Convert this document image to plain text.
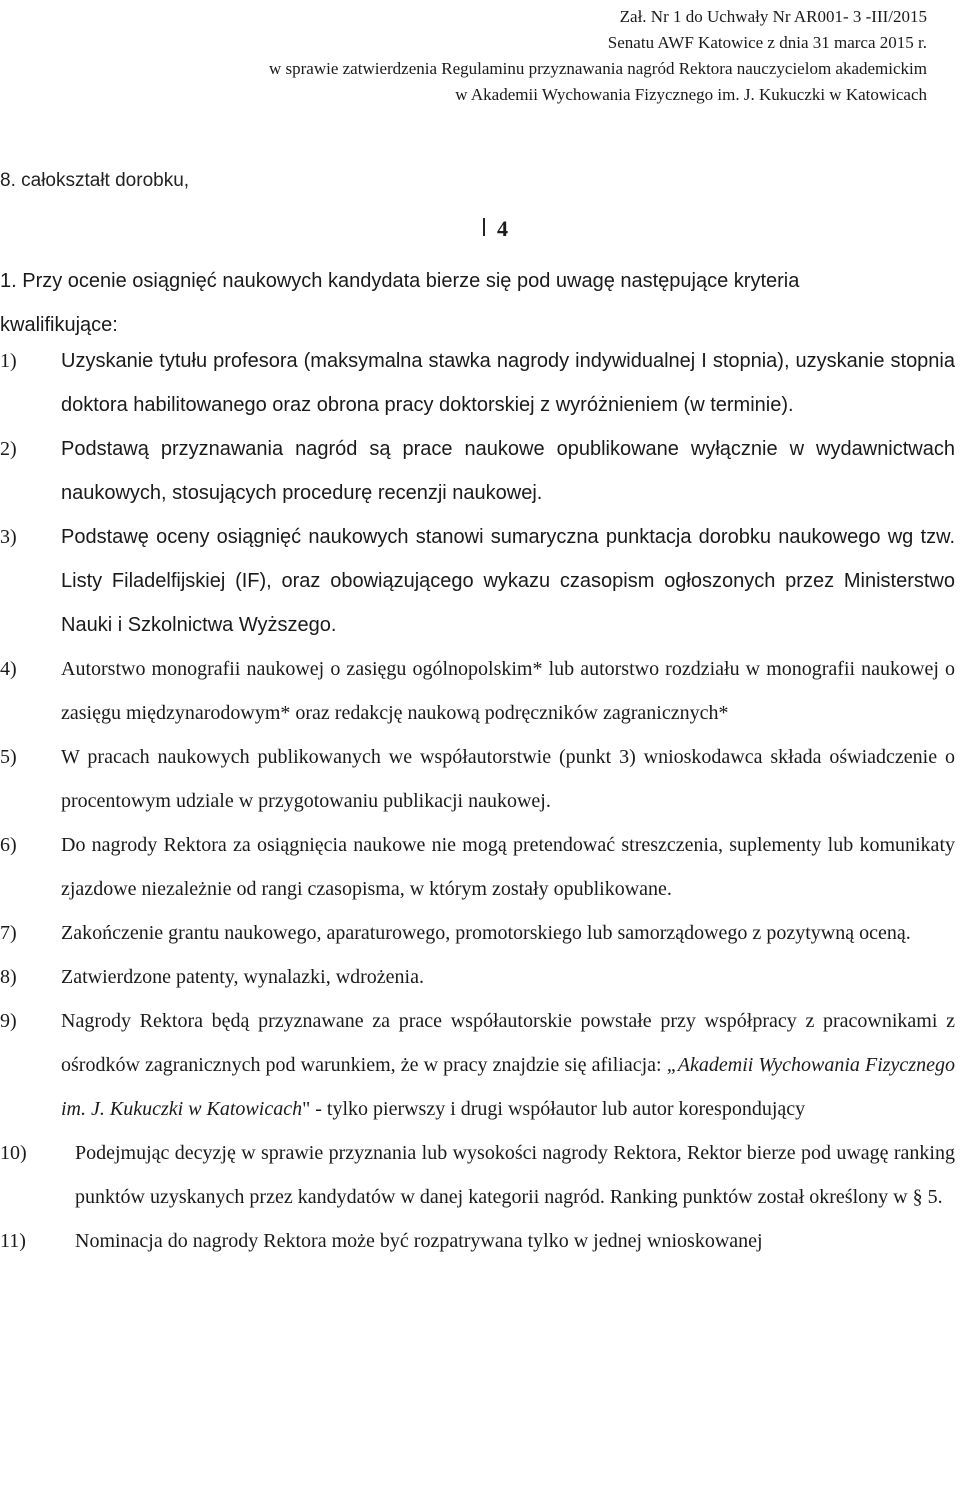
Zał. Nr 1 do Uchwały Nr AR001- 3 -III/2015
Senatu AWF Katowice z dnia 31 marca 2015 r.
w sprawie zatwierdzenia Regulaminu przyznawania nagród Rektora nauczycielom akademickim
w Akademii Wychowania Fizycznego im. J. Kukuczki w Katowicach
8. całokształt dorobku,
4

1. Przy ocenie osiągnięć naukowych kandydata bierze się pod uwagę następujące kryteria

kwalifikujące:

1)	Uzyskanie tytułu profesora (maksymalna stawka nagrody indywidualnej I stopnia), uzyskanie stopnia doktora habilitowanego oraz obrona pracy doktorskiej z wyróżnieniem (w terminie).
2)	Podstawą przyznawania nagród są prace naukowe opublikowane wyłącznie w wydawnictwach naukowych, stosujących procedurę recenzji naukowej.
3)	Podstawę oceny osiągnięć naukowych stanowi sumaryczna punktacja dorobku naukowego wg tzw. Listy Filadelfijskiej (IF), oraz obowiązującego wykazu czasopism ogłoszonych przez Ministerstwo Nauki i Szkolnictwa Wyższego.
4)	Autorstwo monografii naukowej o zasięgu ogólnopolskim* lub autorstwo rozdziału w monografii naukowej o zasięgu międzynarodowym* oraz redakcję naukową podręczników zagranicznych*
5)	W pracach naukowych publikowanych we współautorstwie (punkt 3) wnioskodawca składa oświadczenie o procentowym udziale w przygotowaniu publikacji naukowej.
6)	Do nagrody Rektora za osiągnięcia naukowe nie mogą pretendować streszczenia, suplementy lub komunikaty zjazdowe niezależnie od rangi czasopisma, w którym zostały opublikowane.
7)	Zakończenie grantu naukowego, aparaturowego, promotorskiego lub samorządowego z pozytywną oceną.
8)	Zatwierdzone patenty, wynalazki, wdrożenia.
9)	Nagrody Rektora będą przyznawane za prace współautorskie powstałe przy współpracy z pracownikami z ośrodków zagranicznych pod warunkiem, że w pracy znajdzie się afiliacja: „Akademii Wychowania Fizycznego im. J. Kukuczki w Katowicach" - tylko pierwszy i drugi współautor lub autor korespondujący
10)	Podejmując decyzję w sprawie przyznania lub wysokości nagrody Rektora, Rektor bierze pod uwagę ranking punktów uzyskanych przez kandydatów w danej kategorii nagród. Ranking punktów został określony w § 5.
11)	Nominacja do nagrody Rektora może być rozpatrywana tylko w jednej wnioskowanej
